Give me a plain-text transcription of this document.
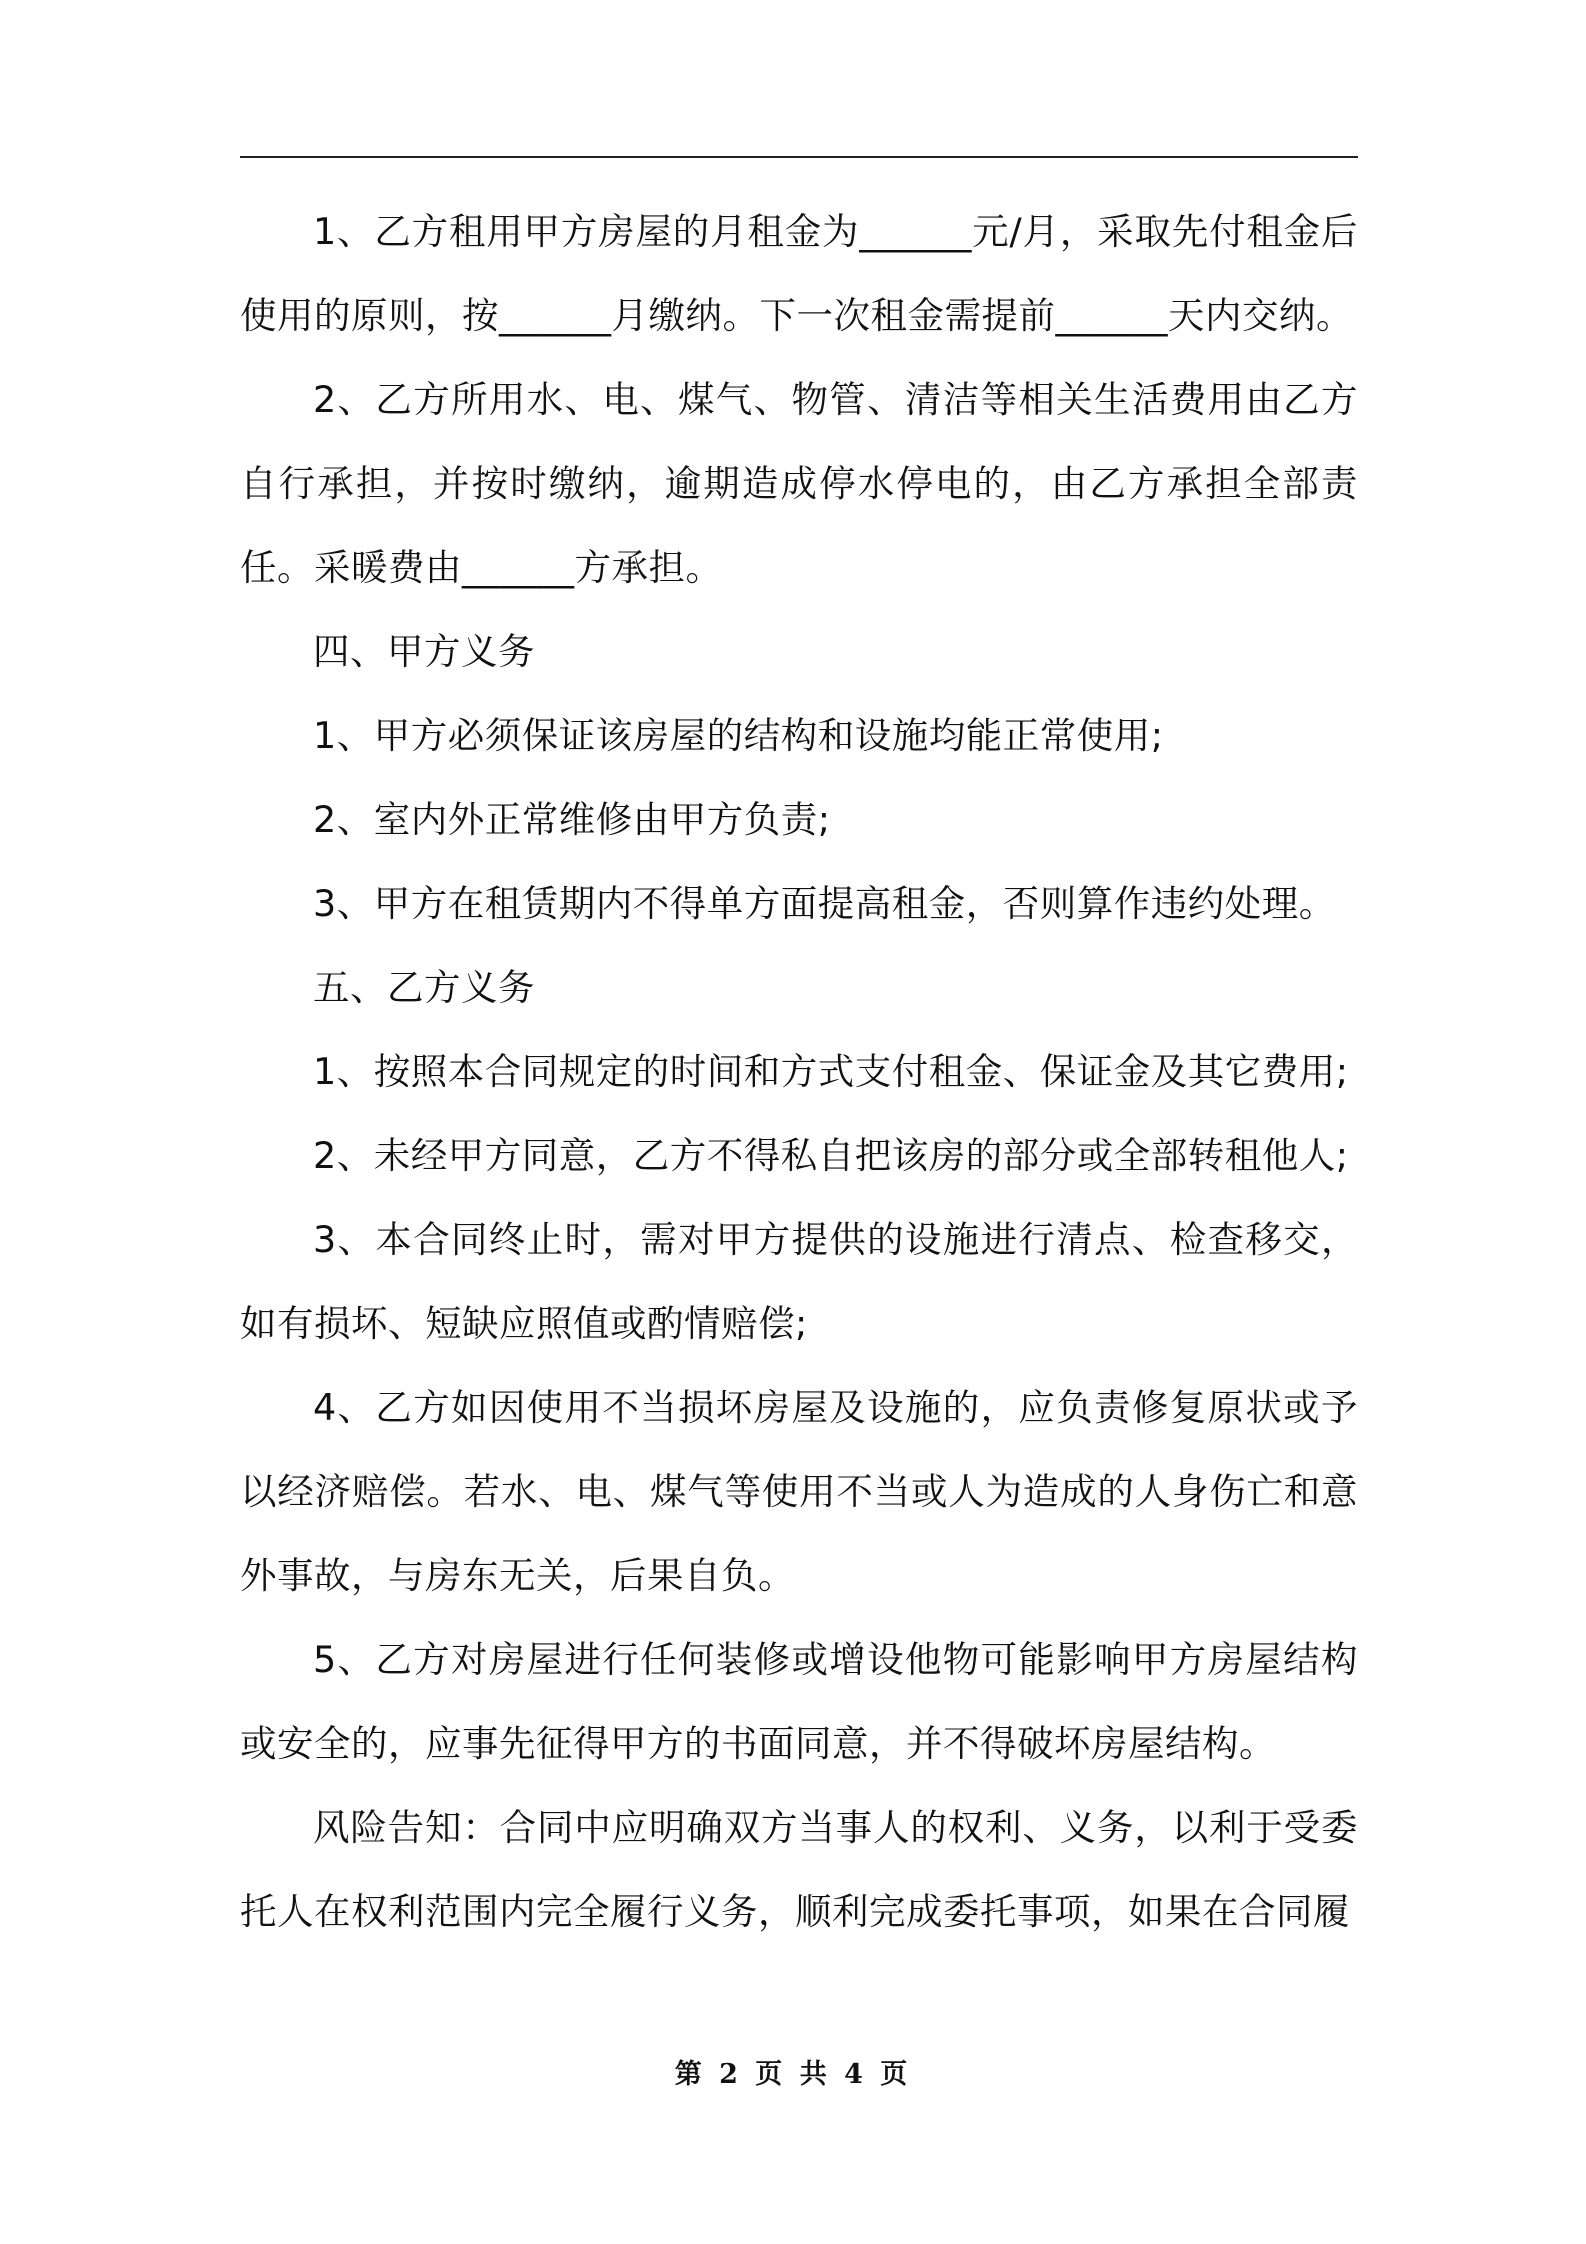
1、乙方租用甲方房屋的月租金为______元/月，采取先付租金后使用的原则，按______月缴纳。下一次租金需提前______天内交纳。

2、乙方所用水、电、煤气、物管、清洁等相关生活费用由乙方自行承担，并按时缴纳，逾期造成停水停电的，由乙方承担全部责任。采暖费由______方承担。

四、甲方义务

1、甲方必须保证该房屋的结构和设施均能正常使用;

2、室内外正常维修由甲方负责;

3、甲方在租赁期内不得单方面提高租金，否则算作违约处理。

五、乙方义务

1、按照本合同规定的时间和方式支付租金、保证金及其它费用;

2、未经甲方同意，乙方不得私自把该房的部分或全部转租他人;

3、本合同终止时，需对甲方提供的设施进行清点、检查移交，如有损坏、短缺应照值或酌情赔偿;

4、乙方如因使用不当损坏房屋及设施的，应负责修复原状或予以经济赔偿。若水、电、煤气等使用不当或人为造成的人身伤亡和意外事故，与房东无关，后果自负。

5、乙方对房屋进行任何装修或增设他物可能影响甲方房屋结构或安全的，应事先征得甲方的书面同意，并不得破坏房屋结构。

风险告知：合同中应明确双方当事人的权利、义务，以利于受委托人在权利范围内完全履行义务，顺利完成委托事项，如果在合同履

第 2 页 共 4 页
